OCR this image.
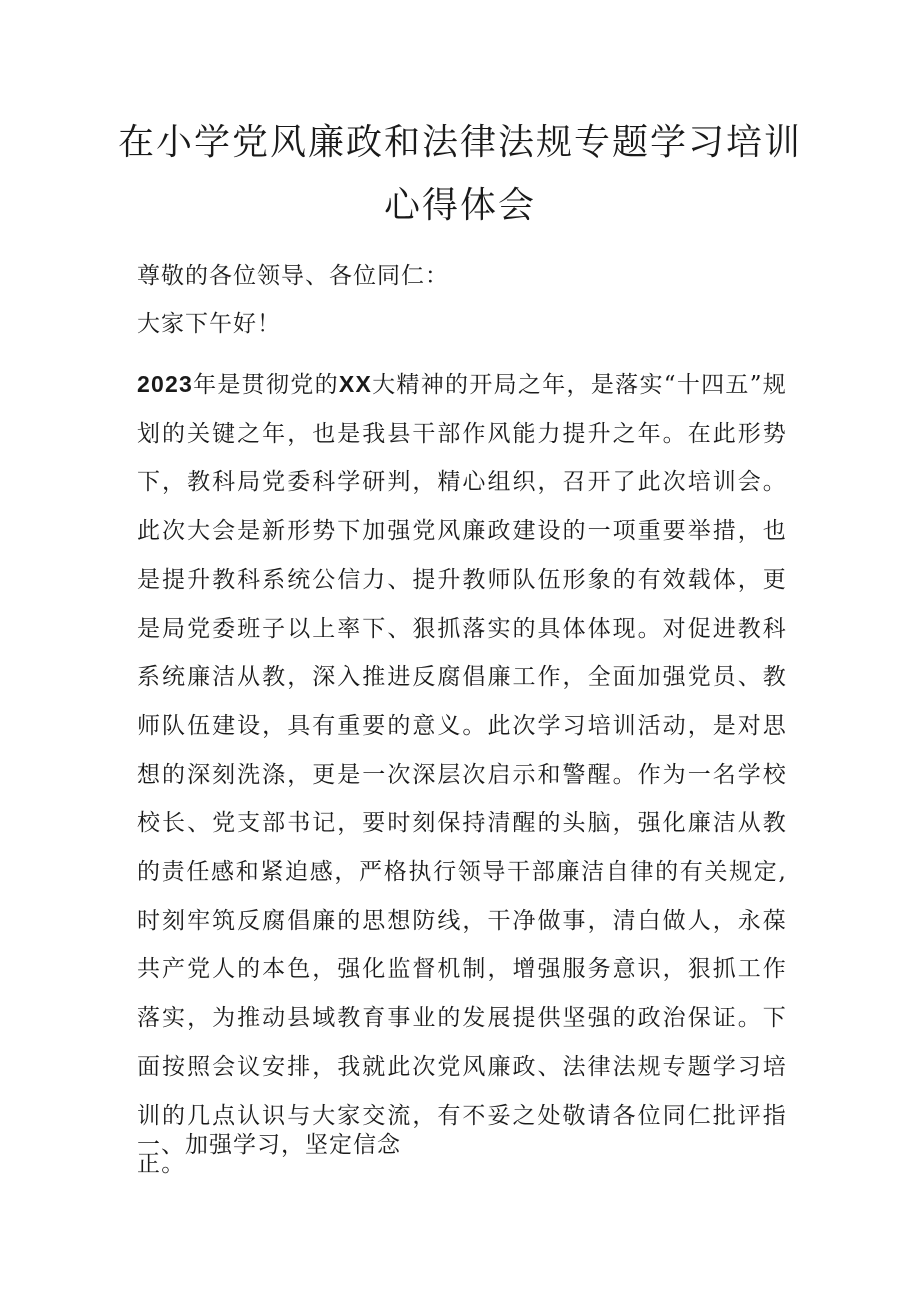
在小学党风廉政和法律法规专题学习培训
心得体会

尊敬的各位领导、各位同仁：

大家下午好！

2023年是贯彻党的XX大精神的开局之年，是落实“十四五”规划的关键之年，也是我县干部作风能力提升之年。在此形势下，教科局党委科学研判，精心组织，召开了此次培训会。此次大会是新形势下加强党风廉政建设的一项重要举措，也是提升教科系统公信力、提升教师队伍形象的有效载体，更是局党委班子以上率下、狠抓落实的具体体现。对促进教科系统廉洁从教，深入推进反腐倡廉工作，全面加强党员、教师队伍建设，具有重要的意义。此次学习培训活动，是对思想的深刻洗涤，更是一次深层次启示和警醒。作为一名学校校长、党支部书记，要时刻保持清醒的头脑，强化廉洁从教的责任感和紧迫感，严格执行领导干部廉洁自律的有关规定,时刻牢筑反腐倡廉的思想防线，干净做事，清白做人，永葆共产党人的本色，强化监督机制，增强服务意识，狠抓工作落实，为推动县域教育事业的发展提供坚强的政治保证。下面按照会议安排，我就此次党风廉政、法律法规专题学习培训的几点认识与大家交流，有不妥之处敬请各位同仁批评指正。

一、加强学习，坚定信念
